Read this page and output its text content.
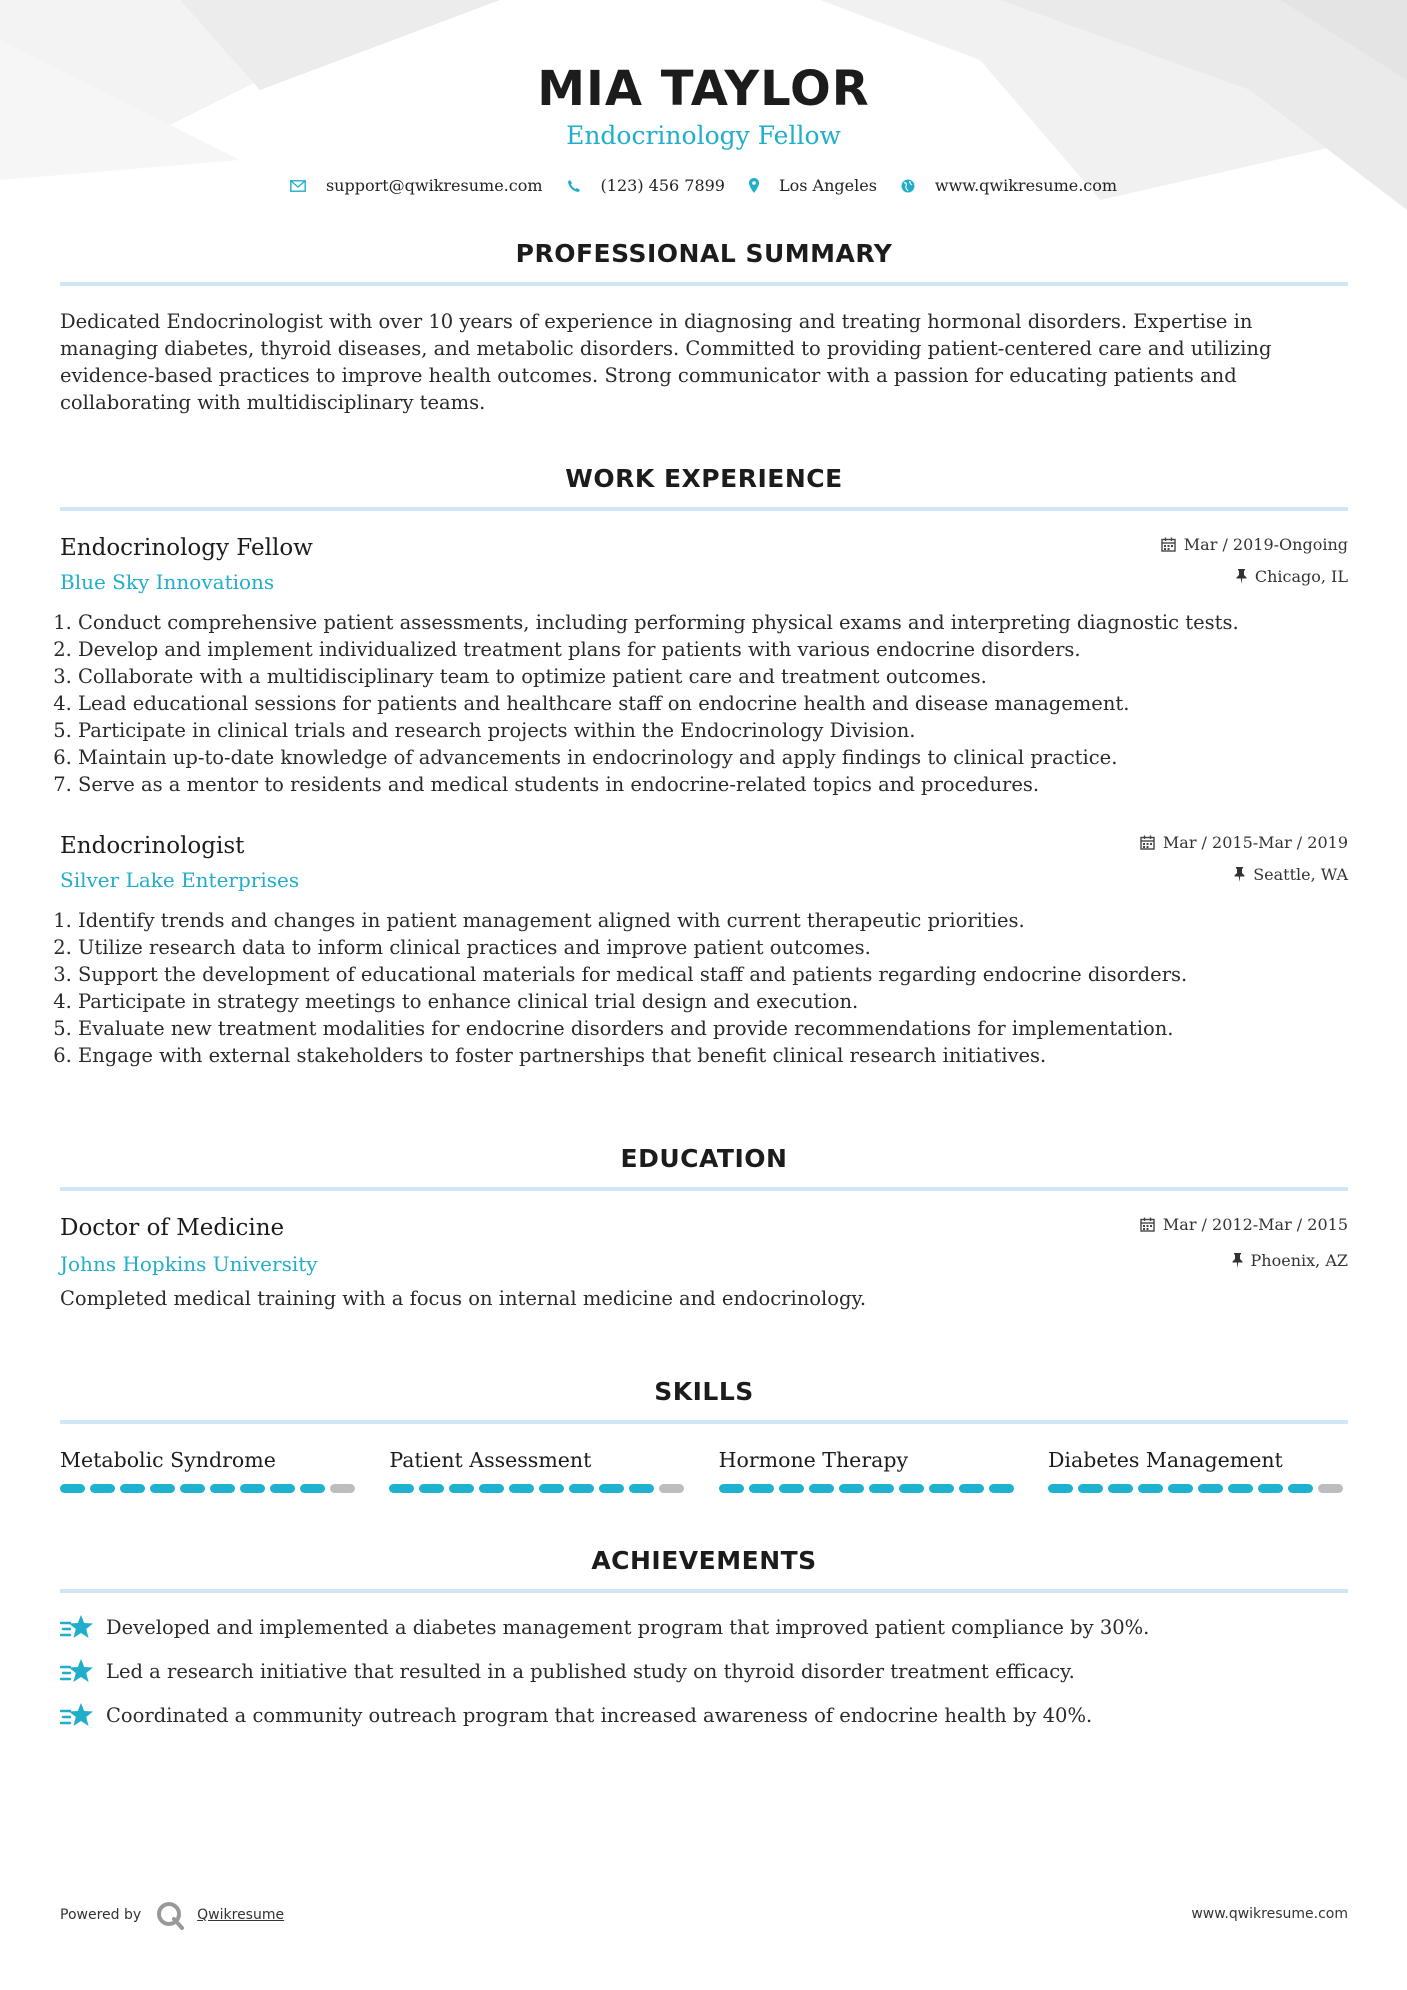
MIA TAYLOR
Endocrinology Fellow
support@qwikresume.com	(123) 456 7899	Los Angeles	www.qwikresume.com
PROFESSIONAL SUMMARY
Dedicated Endocrinologist with over 10 years of experience in diagnosing and treating hormonal disorders. Expertise in managing diabetes, thyroid diseases, and metabolic disorders. Committed to providing patient-centered care and utilizing evidence-based practices to improve health outcomes. Strong communicator with a passion for educating patients and collaborating with multidisciplinary teams.
WORK EXPERIENCE
Mar / 2019-Ongoing
Chicago, IL
Endocrinology Fellow
Blue Sky Innovations
1. Conduct comprehensive patient assessments, including performing physical exams and interpreting diagnostic tests.
2. Develop and implement individualized treatment plans for patients with various endocrine disorders.
3. Collaborate with a multidisciplinary team to optimize patient care and treatment outcomes.
4. Lead educational sessions for patients and healthcare staff on endocrine health and disease management.
5. Participate in clinical trials and research projects within the Endocrinology Division.
6. Maintain up-to-date knowledge of advancements in endocrinology and apply findings to clinical practice.
7. Serve as a mentor to residents and medical students in endocrine-related topics and procedures.
Mar / 2015-Mar / 2019
Seattle, WA
Endocrinologist
Silver Lake Enterprises
1. Identify trends and changes in patient management aligned with current therapeutic priorities.
2. Utilize research data to inform clinical practices and improve patient outcomes.
3. Support the development of educational materials for medical staff and patients regarding endocrine disorders.
4. Participate in strategy meetings to enhance clinical trial design and execution.
5. Evaluate new treatment modalities for endocrine disorders and provide recommendations for implementation.
6. Engage with external stakeholders to foster partnerships that benefit clinical research initiatives.
EDUCATION
Mar / 2012-Mar / 2015
Phoenix, AZ
Doctor of Medicine
Johns Hopkins University
Completed medical training with a focus on internal medicine and endocrinology.
SKILLS
Metabolic Syndrome	Patient Assessment	Hormone Therapy	Diabetes Management
ACHIEVEMENTS
Developed and implemented a diabetes management program that improved patient compliance by 30%.
Led a research initiative that resulted in a published study on thyroid disorder treatment efficacy.
Coordinated a community outreach program that increased awareness of endocrine health by 40%.
Powered by	Qwikresume	www.qwikresume.com
